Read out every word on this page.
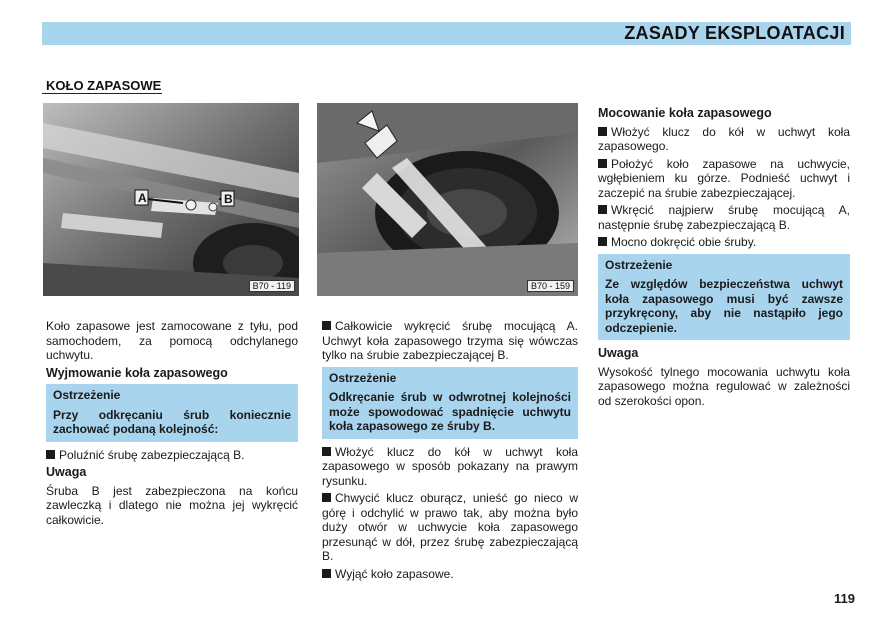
ZASADY EKSPLOATACJI
KOŁO ZAPASOWE
A	B
B70 - 119	B70 - 159

Koło zapasowe jest zamocowane z tyłu, pod samochodem, za pomocą odchylanego uchwytu.

Wyjmowanie koła zapasowego
Ostrzeżenie
Przy odkręcaniu śrub koniecznie zachować podaną kolejność:

Poluźnić śrubę zabezpieczającą B.

Uwaga

Śruba B jest zabezpieczona na końcu zawleczką i dlatego nie można jej wykręcić całkowicie.

Całkowicie wykręcić śrubę mocującą A. Uchwyt koła zapasowego trzyma się wówczas tylko na śrubie zabezpieczającej B.

Ostrzeżenie
Odkręcanie śrub w odwrotnej kolejności może spowodować spadnięcie uchwytu koła zapasowego ze śruby B.

Włożyć klucz do kół w uchwyt koła zapasowego w sposób pokazany na prawym rysunku.

Chwycić klucz oburącz, unieść go nieco w górę i odchylić w prawo tak, aby można było duży otwór w uchwycie koła zapasowego przesunąć w dół, przez śrubę zabezpieczającą B.

Wyjąć koło zapasowe.

Mocowanie koła zapasowego

Włożyć klucz do kół w uchwyt koła zapasowego.

Położyć koło zapasowe na uchwycie, wgłębieniem ku górze. Podnieść uchwyt i zaczepić na śrubie zabezpieczającej.

Wkręcić najpierw śrubę mocującą A, następnie śrubę zabezpieczającą B.

Mocno dokręcić obie śruby.

Ostrzeżenie
Ze względów bezpieczeństwa uchwyt koła zapasowego musi być zawsze przykręcony, aby nie nastąpiło jego odczepienie.
Uwaga

Wysokość tylnego mocowania uchwytu koła zapasowego można regulować w zależności od szerokości opon.

119
